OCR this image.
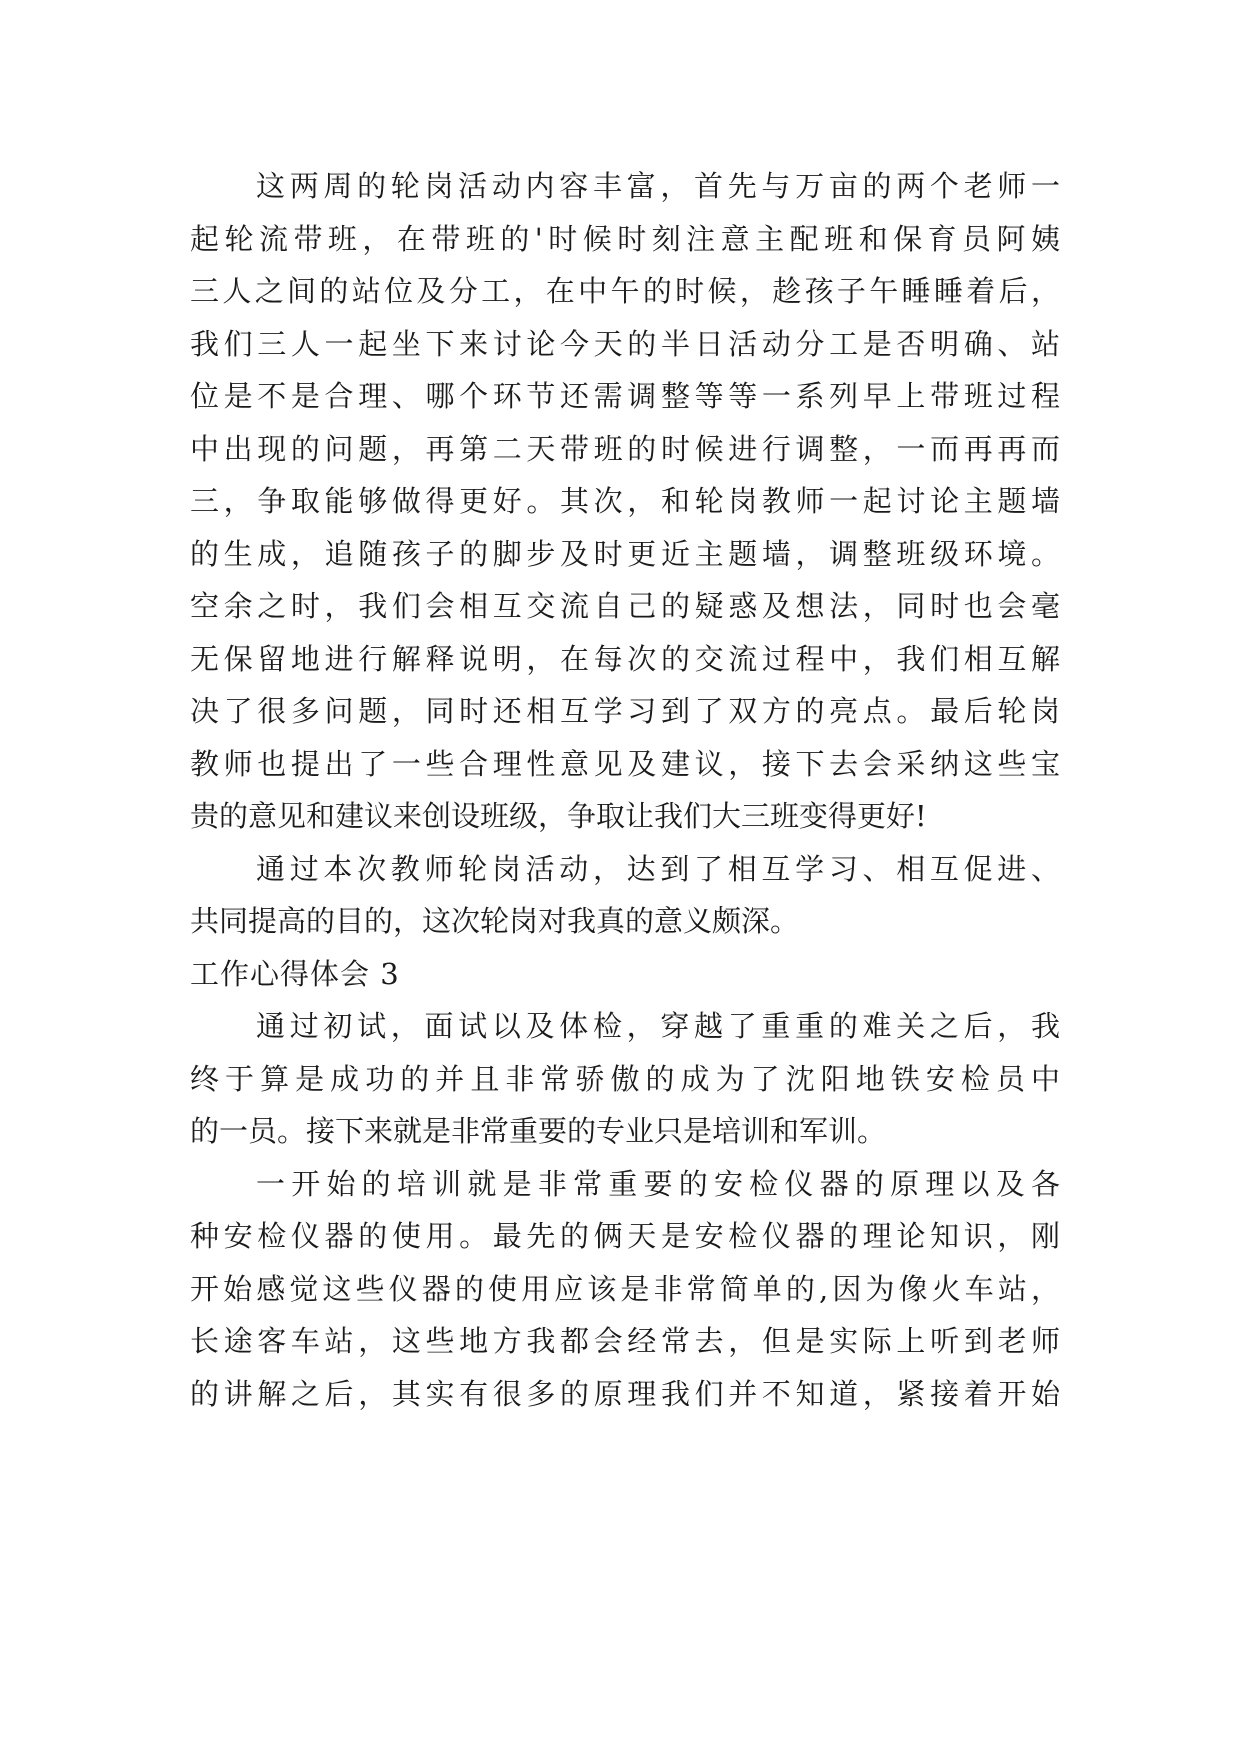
这两周的轮岗活动内容丰富，首先与万亩的两个老师一
起轮流带班，在带班的'时候时刻注意主配班和保育员阿姨
三人之间的站位及分工，在中午的时候，趁孩子午睡睡着后，
我们三人一起坐下来讨论今天的半日活动分工是否明确、站
位是不是合理、哪个环节还需调整等等一系列早上带班过程
中出现的问题，再第二天带班的时候进行调整，一而再再而
三，争取能够做得更好。其次，和轮岗教师一起讨论主题墙
的生成，追随孩子的脚步及时更近主题墙，调整班级环境。
空余之时，我们会相互交流自己的疑惑及想法，同时也会毫
无保留地进行解释说明，在每次的交流过程中，我们相互解
决了很多问题，同时还相互学习到了双方的亮点。最后轮岗
教师也提出了一些合理性意见及建议，接下去会采纳这些宝
贵的意见和建议来创设班级，争取让我们大三班变得更好!
通过本次教师轮岗活动，达到了相互学习、相互促进、
共同提高的目的，这次轮岗对我真的意义颇深。
工作心得体会 3
通过初试，面试以及体检，穿越了重重的难关之后，我
终于算是成功的并且非常骄傲的成为了沈阳地铁安检员中
的一员。接下来就是非常重要的专业只是培训和军训。
一开始的培训就是非常重要的安检仪器的原理以及各
种安检仪器的使用。最先的俩天是安检仪器的理论知识，刚
开始感觉这些仪器的使用应该是非常简单的,因为像火车站，
长途客车站，这些地方我都会经常去，但是实际上听到老师
的讲解之后，其实有很多的原理我们并不知道，紧接着开始
